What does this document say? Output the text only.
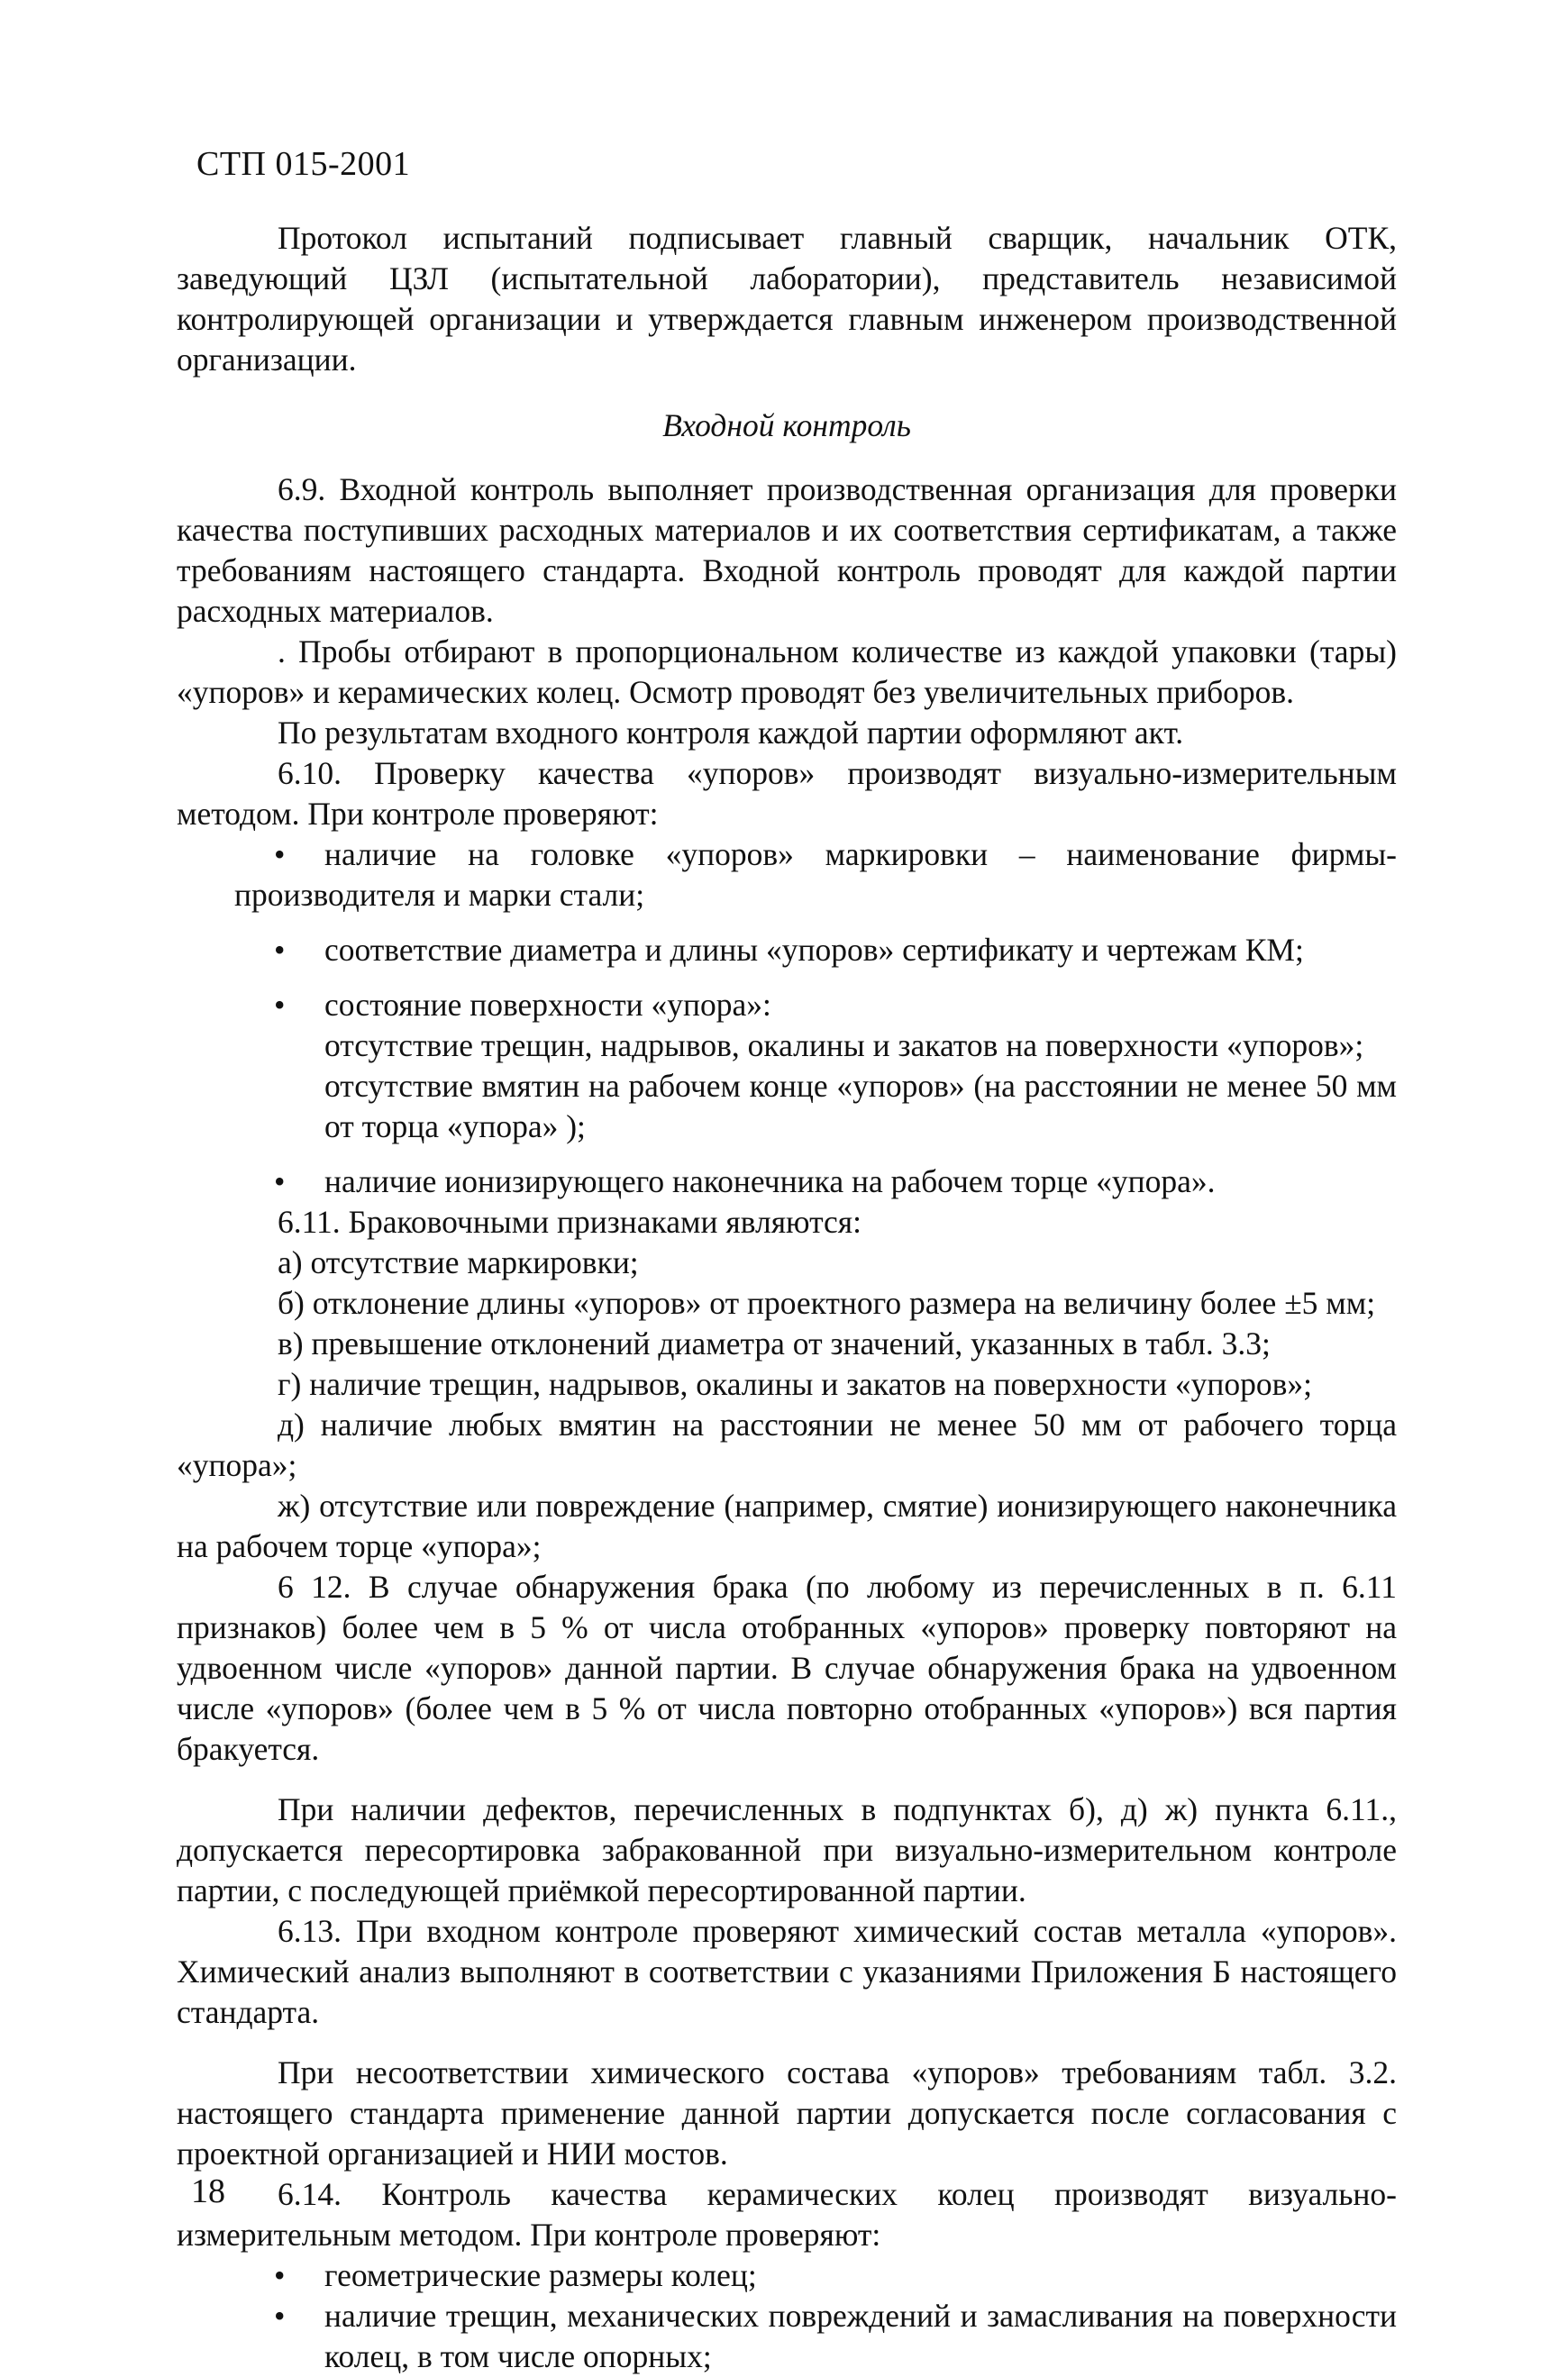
СТП 015-2001

Протокол испытаний подписывает главный сварщик, начальник ОТК, заведующий ЦЗЛ (испытательной лаборатории), представитель независимой контролирующей организации и утверждается главным инженером производственной организации.

Входной контроль

6.9. Входной контроль выполняет производственная организация для проверки качества поступивших расходных материалов и их соответствия сертификатам, а также требованиям настоящего стандарта. Входной контроль проводят для каждой партии расходных материалов.

. Пробы отбирают в пропорциональном количестве из каждой упаковки (тары) «упоров» и керамических колец. Осмотр проводят без увеличительных приборов.

По результатам входного контроля каждой партии оформляют акт.

6.10. Проверку качества «упоров» производят визуально-измерительным методом. При контроле проверяют:

• наличие на головке «упоров» маркировки – наименование фирмы-
производителя и марки стали;
• соответствие диаметра и длины «упоров» сертификату и чертежам КМ;
• состояние поверхности «упора»:
отсутствие трещин, надрывов, окалины и закатов на поверхности «упоров»;
отсутствие вмятин на рабочем конце «упоров» (на расстоянии не менее 50 мм от торца «упора» );
• наличие ионизирующего наконечника на рабочем торце «упора».

6.11. Браковочными признаками являются:

а) отсутствие маркировки;

б) отклонение длины «упоров» от проектного размера на величину более ±5 мм;

в) превышение отклонений диаметра от значений, указанных в табл. 3.3;

г) наличие трещин, надрывов, окалины и закатов на поверхности «упоров»;

д) наличие любых вмятин на расстоянии не менее 50 мм от рабочего торца «упора»;

ж) отсутствие или повреждение (например, смятие) ионизирующего наконечника на рабочем торце «упора»;

6 12. В случае обнаружения брака (по любому из перечисленных в п. 6.11 признаков) более чем в 5 % от числа отобранных «упоров» проверку повторяют на удвоенном числе «упоров» данной партии. В случае обнаружения брака на удвоенном числе «упоров» (более чем в 5 % от числа повторно отобранных «упоров») вся партия бракуется.

При наличии дефектов, перечисленных в подпунктах б), д) ж) пункта 6.11., допускается пересортировка забракованной при визуально-измерительном контроле партии, с последующей приёмкой пересортированной партии.

6.13. При входном контроле проверяют химический состав металла «упоров». Химический анализ выполняют в соответствии с указаниями Приложения Б настоящего стандарта.

При несоответствии химического состава «упоров» требованиям табл. 3.2. настоящего стандарта применение данной партии допускается после согласования с проектной организацией и НИИ мостов.

6.14. Контроль качества керамических колец производят визуально-измерительным методом. При контроле проверяют:

• геометрические размеры колец;
• наличие трещин, механических повреждений и замасливания на поверхности колец, в том числе опорных;
18
